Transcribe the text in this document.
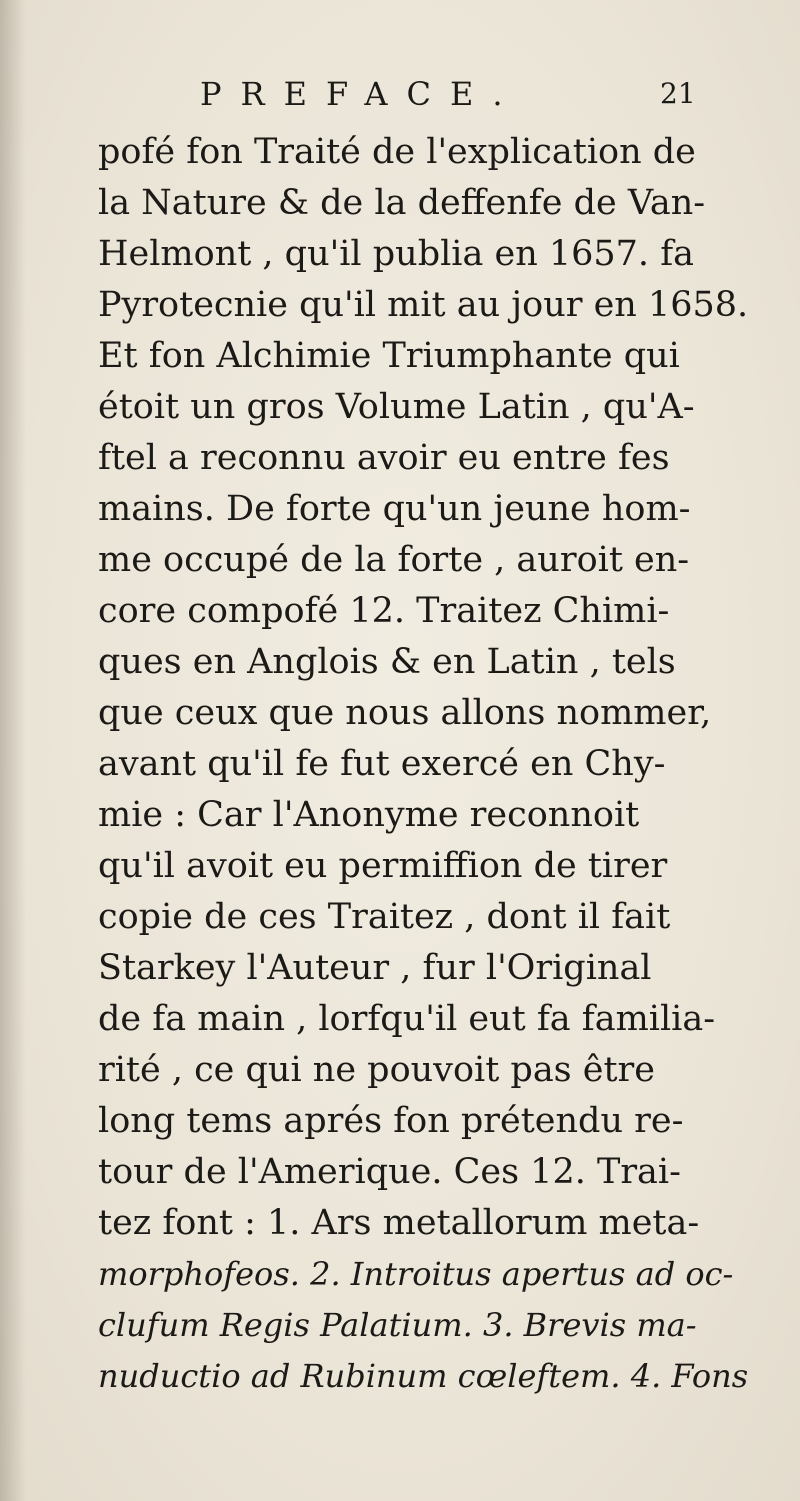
PREFACE.	21
pofé fon Traité de l'explication de
la Nature & de la deffenfe de Van-
Helmont , qu'il publia en 1657. fa
Pyrotecnie qu'il mit au jour en 1658.
Et fon Alchimie Triumphante qui
étoit un gros Volume Latin , qu'A-
ftel a reconnu avoir eu entre fes
mains. De forte qu'un jeune hom-
me occupé de la forte , auroit en-
core compofé 12. Traitez Chimi-
ques en Anglois & en Latin , tels
que ceux que nous allons nommer,
avant qu'il fe fut exercé en Chy-
mie : Car l'Anonyme reconnoit
qu'il avoit eu permiffion de tirer
copie de ces Traitez , dont il fait
Starkey l'Auteur , fur l'Original
de fa main , lorfqu'il eut fa familia-
rité , ce qui ne pouvoit pas être
long tems aprés fon prétendu re-
tour de l'Amerique. Ces 12. Trai-
tez font : 1. Ars metallorum meta-
morphofeos. 2. Introitus apertus ad oc-
clufum Regis Palatium. 3. Brevis ma-
nuductio ad Rubinum cœleftem. 4. Fons
